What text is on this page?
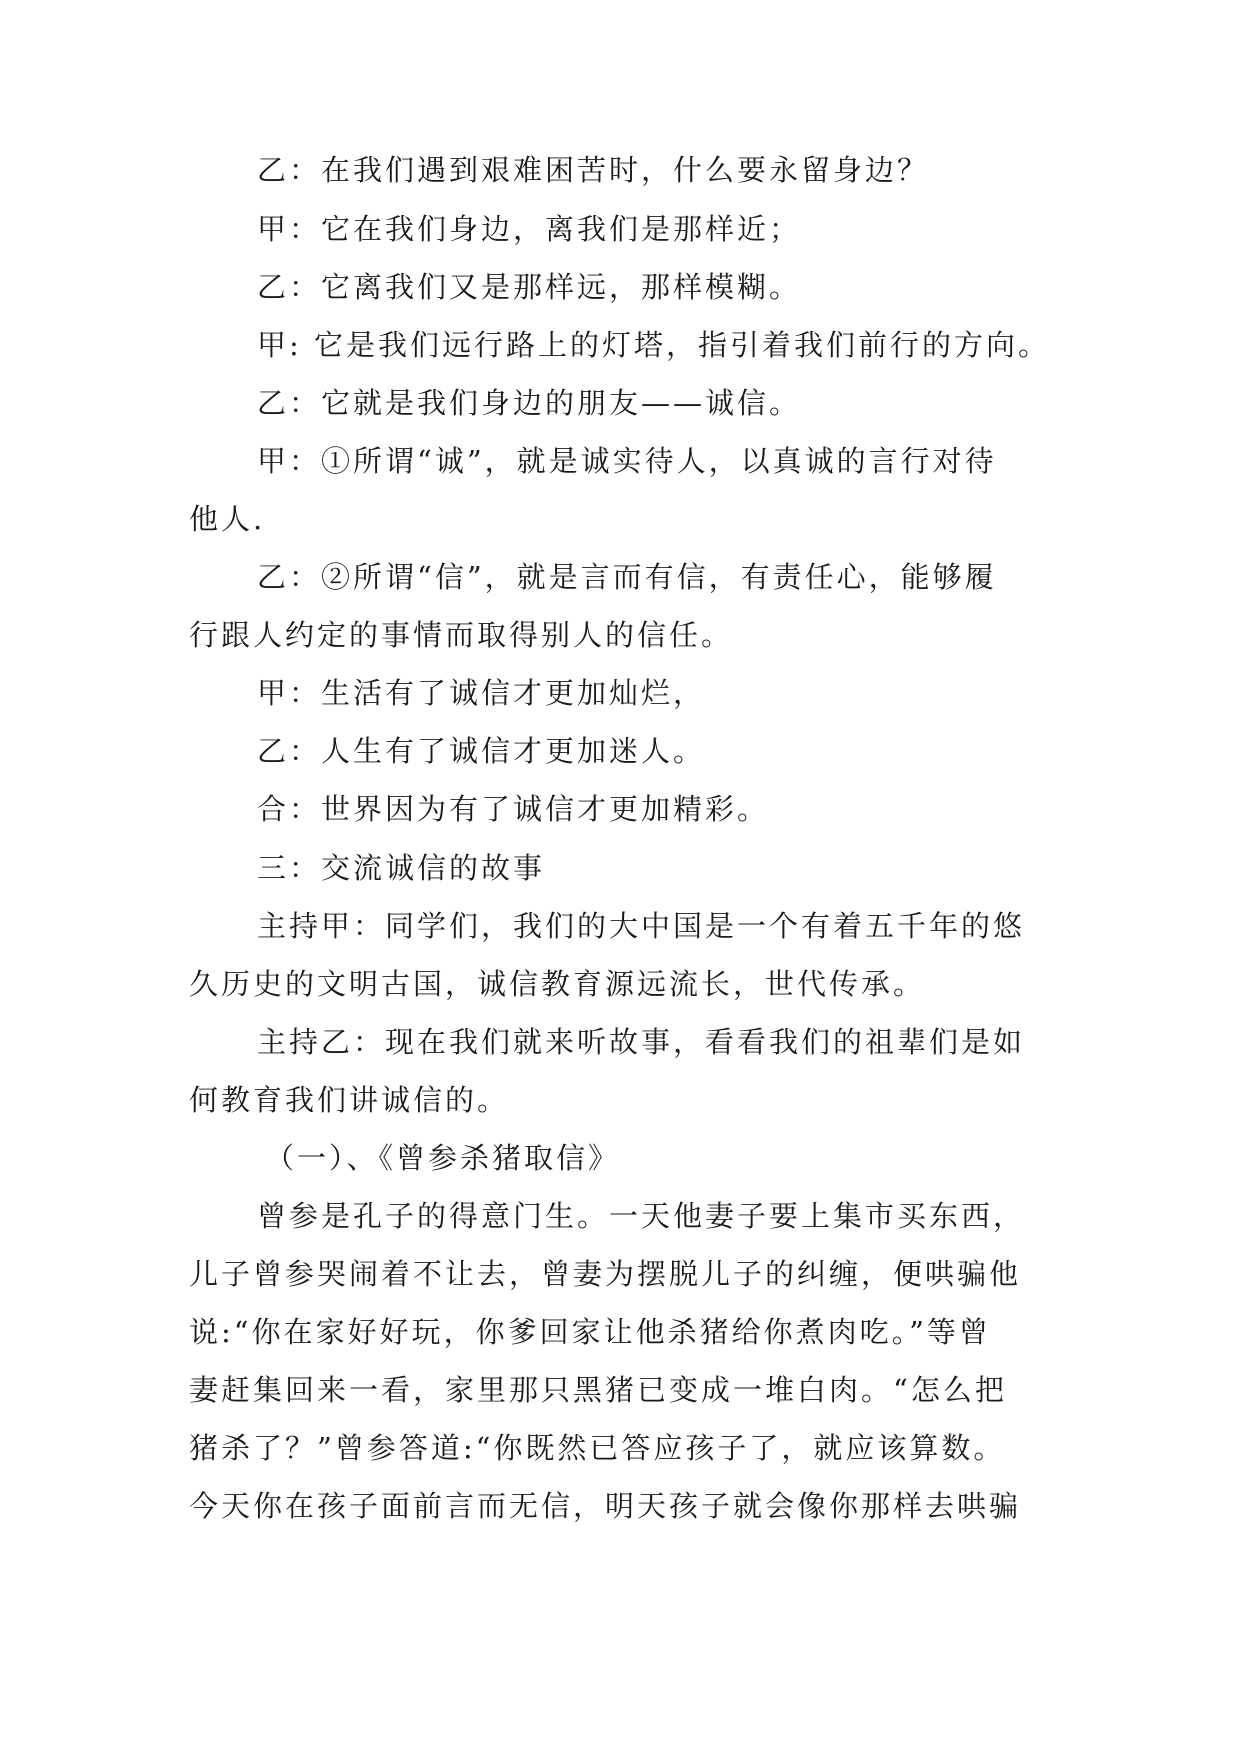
乙：在我们遇到艰难困苦时，什么要永留身边？
甲：它在我们身边，离我们是那样近；
乙：它离我们又是那样远，那样模糊。
甲: 它是我们远行路上的灯塔，指引着我们前行的方向。
乙：它就是我们身边的朋友——诚信。
甲：①所谓“诚”，就是诚实待人，以真诚的言行对待
他人.
乙：②所谓“信”，就是言而有信，有责任心，能够履
行跟人约定的事情而取得别人的信任。
甲：生活有了诚信才更加灿烂，
乙：人生有了诚信才更加迷人。
合：世界因为有了诚信才更加精彩。
三：交流诚信的故事
主持甲：同学们，我们的大中国是一个有着五千年的悠
久历史的文明古国，诚信教育源远流长，世代传承。
主持乙：现在我们就来听故事，看看我们的祖辈们是如
何教育我们讲诚信的。
（一）、《曾参杀猪取信》
曾参是孔子的得意门生。一天他妻子要上集市买东西，
儿子曾参哭闹着不让去，曾妻为摆脱儿子的纠缠，便哄骗他
说:“你在家好好玩，你爹回家让他杀猪给你煮肉吃。”等曾
妻赶集回来一看，家里那只黑猪已变成一堆白肉。“怎么把
猪杀了？”曾参答道:“你既然已答应孩子了，就应该算数。
今天你在孩子面前言而无信，明天孩子就会像你那样去哄骗
